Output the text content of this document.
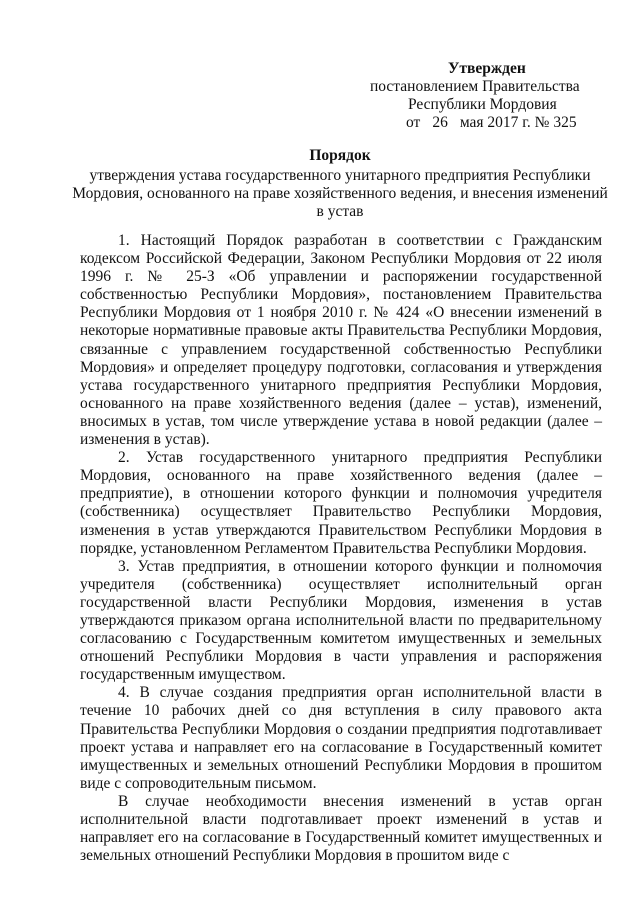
Утвержден
постановлением Правительства
Республики Мордовия
от 26 мая 2017 г. № 325
Порядок
утверждения устава государственного унитарного предприятия Республики Мордовия, основанного на праве хозяйственного ведения, и внесения изменений в устав

1. Настоящий Порядок разработан в соответствии с Гражданским кодексом Российской Федерации, Законом Республики Мордовия от 22 июля 1996 г. № 25-З «Об управлении и распоряжении государственной собственностью Республики Мордовия», постановлением Правительства Республики Мордовия от 1 ноября 2010 г. № 424 «О внесении изменений в некоторые нормативные правовые акты Правительства Республики Мордовия, связанные с управлением государственной собственностью Республики Мордовия» и определяет процедуру подготовки, согласования и утверждения устава государственного унитарного предприятия Республики Мордовия, основанного на праве хозяйственного ведения (далее – устав), изменений, вносимых в устав, том числе утверждение устава в новой редакции (далее – изменения в устав).

2. Устав государственного унитарного предприятия Республики Мордовия, основанного на праве хозяйственного ведения (далее – предприятие), в отношении которого функции и полномочия учредителя (собственника) осуществляет Правительство Республики Мордовия, изменения в устав утверждаются Правительством Республики Мордовия в порядке, установленном Регламентом Правительства Республики Мордовия.

3. Устав предприятия, в отношении которого функции и полномочия учредителя (собственника) осуществляет исполнительный орган государственной власти Республики Мордовия, изменения в устав утверждаются приказом органа исполнительной власти по предварительному согласованию с Государственным комитетом имущественных и земельных отношений Республики Мордовия в части управления и распоряжения государственным имуществом.

4. В случае создания предприятия орган исполнительной власти в течение 10 рабочих дней со дня вступления в силу правового акта Правительства Республики Мордовия о создании предприятия подготавливает проект устава и направляет его на согласование в Государственный комитет имущественных и земельных отношений Республики Мордовия в прошитом виде с сопроводительным письмом.

В случае необходимости внесения изменений в устав орган исполнительной власти подготавливает проект изменений в устав и направляет его на согласование в Государственный комитет имущественных и земельных отношений Республики Мордовия в прошитом виде с
